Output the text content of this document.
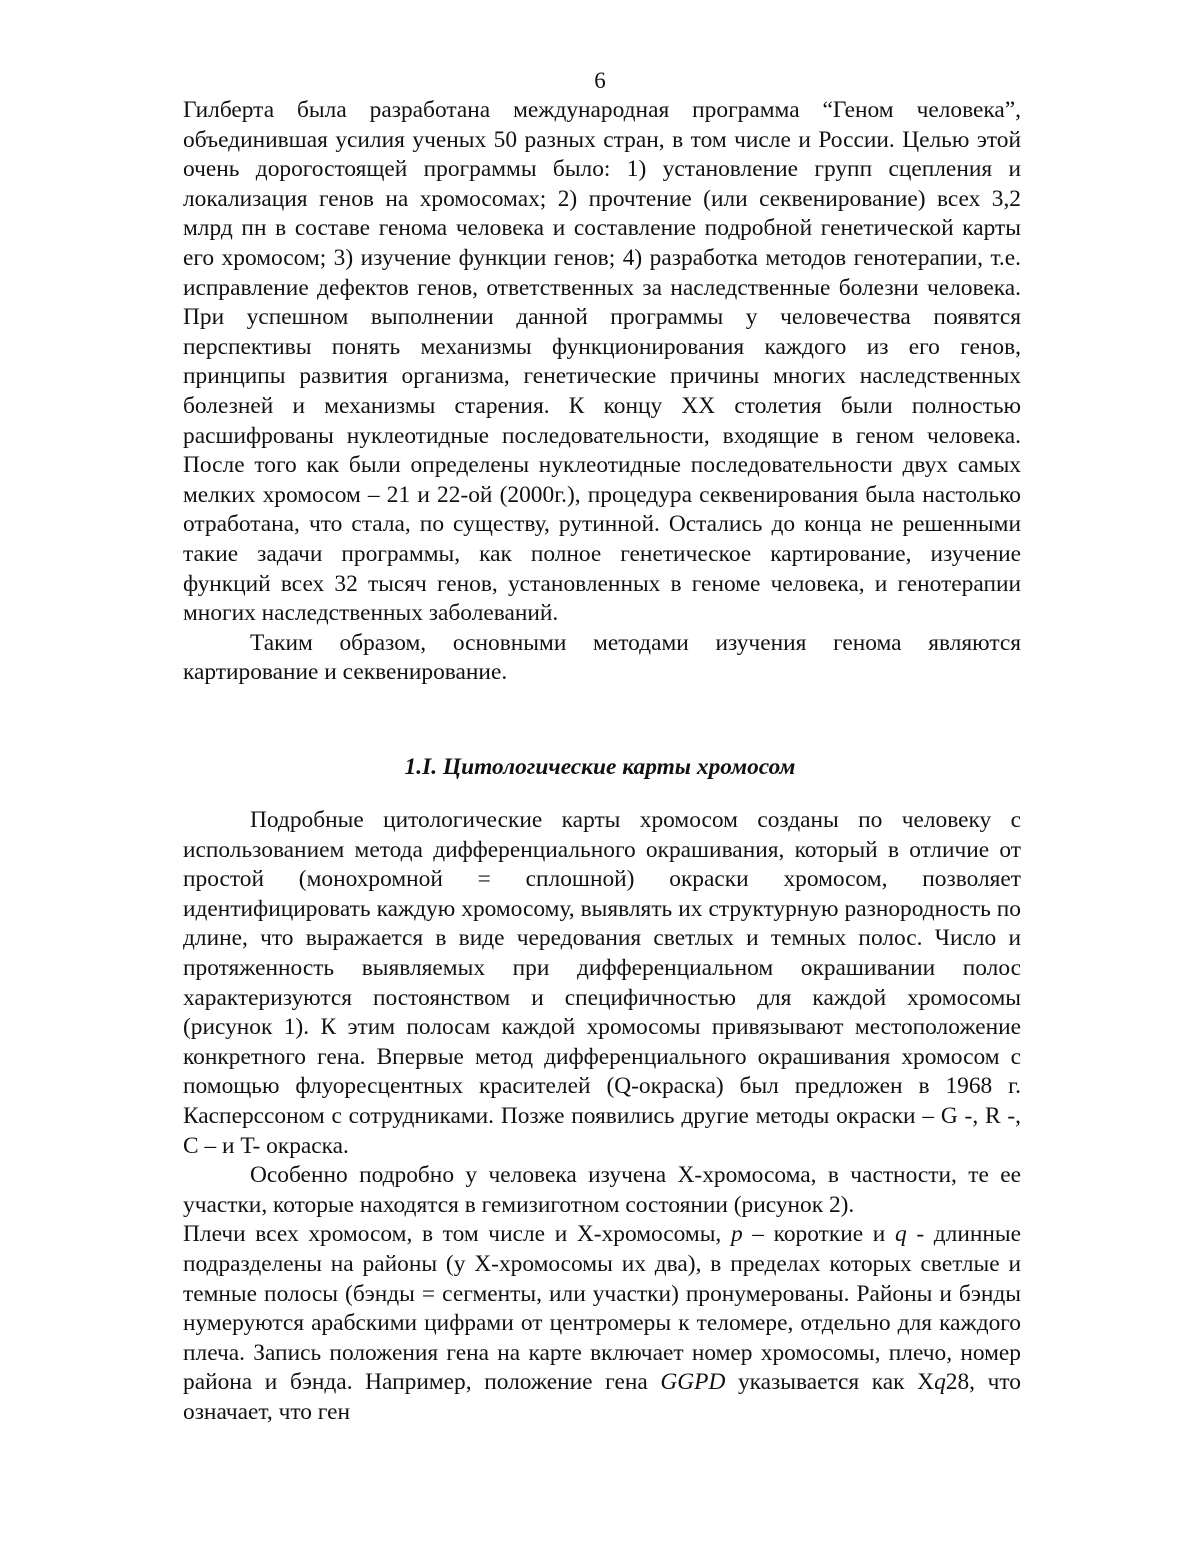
6

Гилберта была разработана международная программа “Геном человека”, объединившая усилия ученых 50 разных стран, в том числе и России. Целью этой очень дорогостоящей программы было: 1) установление групп сцепления и локализация генов на хромосомах; 2) прочтение (или секвенирование) всех 3,2 млрд пн в составе генома человека и составление подробной генетической карты его хромосом; 3) изучение функции генов; 4) разработка методов генотерапии, т.е. исправление дефектов генов, ответственных за наследственные болезни человека. При успешном выполнении данной программы у человечества появятся перспективы понять механизмы функционирования каждого из его генов, принципы развития организма, генетические причины многих наследственных болезней и механизмы старения. К концу XX столетия были полностью расшифрованы нуклеотидные последовательности, входящие в геном человека. После того как были определены нуклеотидные последовательности двух самых мелких хромосом – 21 и 22-ой (2000г.), процедура секвенирования была настолько отработана, что стала, по существу, рутинной. Остались до конца не решенными такие задачи программы, как полное генетическое картирование, изучение функций всех 32 тысяч генов, установленных в геноме человека, и генотерапии многих наследственных заболеваний.

Таким образом, основными методами изучения генома являются картирование и секвенирование.

1.I. Цитологические карты хромосом

Подробные цитологические карты хромосом созданы по человеку с использованием метода дифференциального окрашивания, который в отличие от простой (монохромной = сплошной) окраски хромосом, позволяет идентифицировать каждую хромосому, выявлять их структурную разнородность по длине, что выражается в виде чередования светлых и темных полос. Число и протяженность выявляемых при дифференциальном окрашивании полос характеризуются постоянством и специфичностью для каждой хромосомы (рисунок 1). К этим полосам каждой хромосомы привязывают местоположение конкретного гена. Впервые метод дифференциального окрашивания хромосом с помощью флуоресцентных красителей (Q-окраска) был предложен в 1968 г. Касперссоном с сотрудниками. Позже появились другие методы окраски – G -, R -, C – и T- окраска.

Особенно подробно у человека изучена Х-хромосома, в частности, те ее участки, которые находятся в гемизиготном состоянии (рисунок 2).

Плечи всех хромосом, в том числе и Х-хромосомы, p – короткие и q - длинные подразделены на районы (у Х-хромосомы их два), в пределах которых светлые и темные полосы (бэнды = сегменты, или участки) пронумерованы. Районы и бэнды нумеруются арабскими цифрами от центромеры к теломере, отдельно для каждого плеча. Запись положения гена на карте включает номер хромосомы, плечо, номер района и бэнда. Например, положение гена GGPD указывается как Xq28, что означает, что ген
